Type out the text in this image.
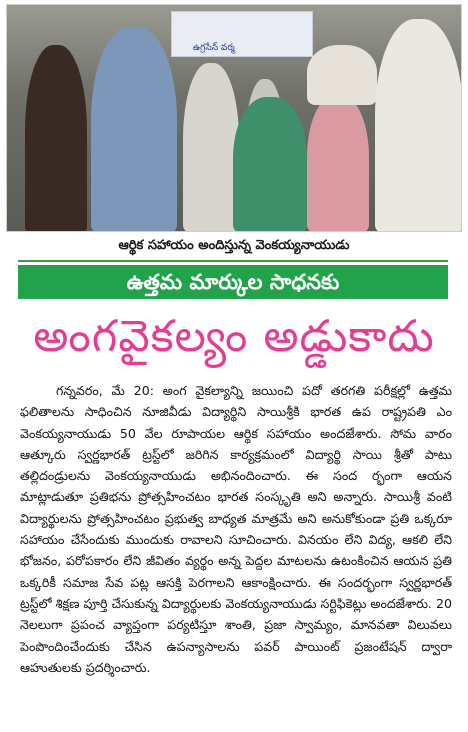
ఉగ్రసేన్ వర్మ
ఆర్థిక సహాయం అందిస్తున్న వెంకయ్యనాయుడు
ఉత్తమ మార్కుల సాధనకు
అంగవైకల్యం అడ్డుకాదు

గన్నవరం, మే 20: అంగ వైకల్యాన్ని జయించి పదో తరగతి పరీక్షల్లో ఉత్తమ ఫలితాలను సాధించిన నూజివీడు విద్యార్థిని సాయిశ్రీకి భారత ఉప రాష్ట్రపతి ఎం వెంకయ్యనాయుడు 50 వేల రూపాయల ఆర్థిక సహాయం అందజేశారు. సోమ వారం ఆత్కూరు స్వర్ణభారత్ ట్రస్ట్‌లో జరిగిన కార్యక్రమంలో విద్యార్థి సాయి శ్రీతో పాటు తల్లిదండ్రులను వెంకయ్యనాయుడు అభినందించారు. ఈ సంద ర్భంగా ఆయన మాట్లాడుతూ ప్రతిభను ప్రోత్సహించటం భారత సంస్కృతి అని అన్నారు. సాయిశ్రీ వంటి విద్యార్థులను ప్రోత్సహించటం ప్రభుత్వ బాధ్యత మాత్రమే అని అనుకోకుండా ప్రతి ఒక్కరూ సహాయం చేసేందుకు ముందుకు రావాలని సూచించారు. వినయం లేని విద్య, ఆకలి లేని భోజనం, పరోపకారం లేని జీవితం వ్యర్థం అన్న పెద్దల మాటలను ఉటంకించిన ఆయన ప్రతి ఒక్కరికీ సమాజ సేవ పట్ల ఆసక్తి పెరగాలని ఆకాంక్షించారు. ఈ సందర్భంగా స్వర్ణభారత్ ట్రస్ట్‌లో శిక్షణ పూర్తి చేసుకున్న విద్యార్థులకు వెంకయ్యనాయుడు సర్టిఫికెట్లు అందజేశారు. 20 నెలలుగా ప్రపంచ వ్యాప్తంగా పర్యటిస్తూ శాంతి, ప్రజా స్వామ్యం, మానవతా విలువలు పెంపొందించేందుకు చేసిన ఉపన్యాసాలను పవర్ పాయింట్ ప్రజంటేషన్ ద్వారా ఆహుతులకు ప్రదర్శించారు.
